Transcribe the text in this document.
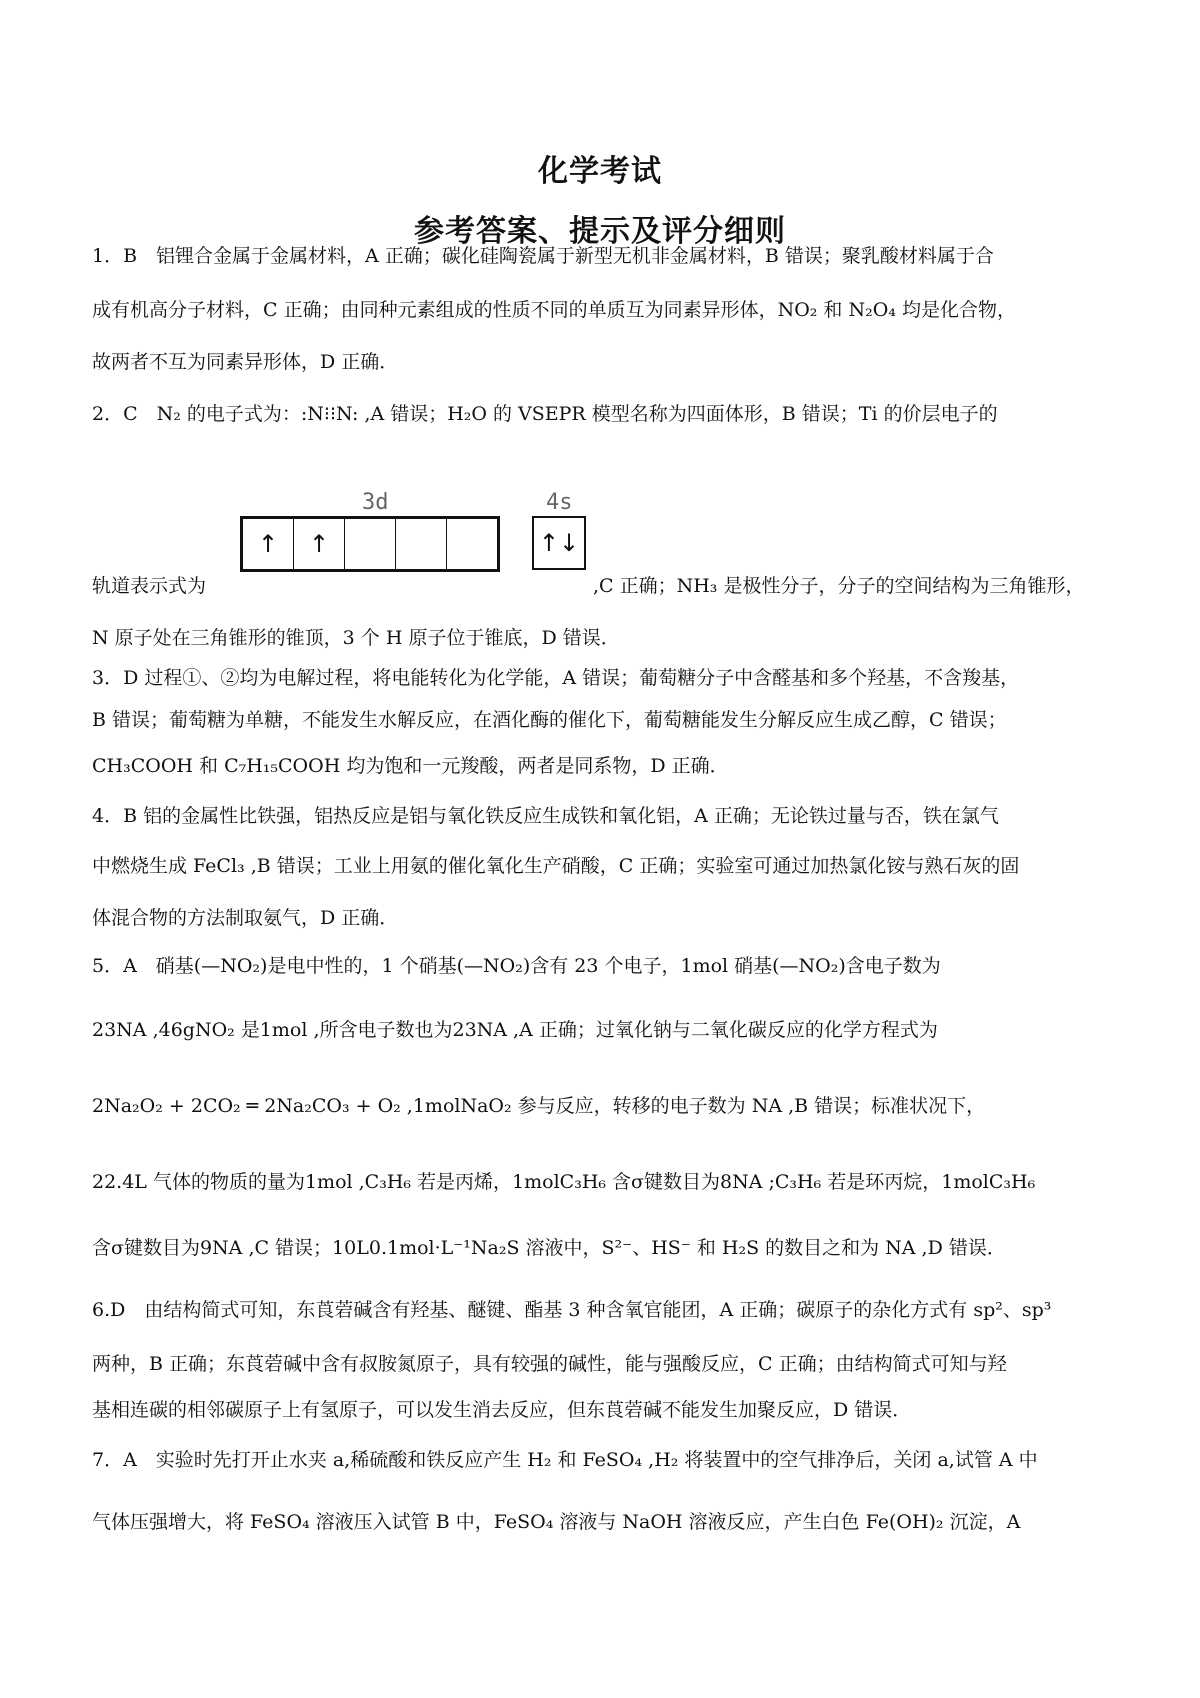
化学考试
参考答案、提示及评分细则
1．B　铝锂合金属于金属材料，A 正确；碳化硅陶瓷属于新型无机非金属材料，B 错误；聚乳酸材料属于合
成有机高分子材料，C 正确；由同种元素组成的性质不同的单质互为同素异形体，NO₂ 和 N₂O₄ 均是化合物，
故两者不互为同素异形体，D 正确．
2．C　N₂ 的电子式为：:N⁝⁝N: ,A 错误；H₂O 的 VSEPR 模型名称为四面体形，B 错误；Ti 的价层电子的
3d	4s
↑	↑	↑↓
轨道表示式为	,C 正确；NH₃ 是极性分子，分子的空间结构为三角锥形，
N 原子处在三角锥形的锥顶，3 个 H 原子位于锥底，D 错误．
3．D 过程①、②均为电解过程，将电能转化为化学能，A 错误；葡萄糖分子中含醛基和多个羟基，不含羧基，
B 错误；葡萄糖为单糖，不能发生水解反应，在酒化酶的催化下，葡萄糖能发生分解反应生成乙醇，C 错误；
CH₃COOH 和 C₇H₁₅COOH 均为饱和一元羧酸，两者是同系物，D 正确．
4．B 铝的金属性比铁强，铝热反应是铝与氧化铁反应生成铁和氧化铝，A 正确；无论铁过量与否，铁在氯气
中燃烧生成 FeCl₃ ,B 错误；工业上用氨的催化氧化生产硝酸，C 正确；实验室可通过加热氯化铵与熟石灰的固
体混合物的方法制取氨气，D 正确．
5．A　硝基(—NO₂)是电中性的，1 个硝基(—NO₂)含有 23 个电子，1mol 硝基(—NO₂)含电子数为
23NA ,46gNO₂ 是1mol ,所含电子数也为23NA ,A 正确；过氧化钠与二氧化碳反应的化学方程式为
2Na₂O₂ + 2CO₂ ═ 2Na₂CO₃ + O₂ ,1molNaO₂ 参与反应，转移的电子数为 NA ,B 错误；标准状况下，
22.4L 气体的物质的量为1mol ,C₃H₆ 若是丙烯，1molC₃H₆ 含σ键数目为8NA ;C₃H₆ 若是环丙烷，1molC₃H₆
含σ键数目为9NA ,C 错误；10L0.1mol·L⁻¹Na₂S 溶液中，S²⁻、HS⁻ 和 H₂S 的数目之和为 NA ,D 错误．
6.D　由结构简式可知，东莨菪碱含有羟基、醚键、酯基 3 种含氧官能团，A 正确；碳原子的杂化方式有 sp²、sp³
两种，B 正确；东莨菪碱中含有叔胺氮原子，具有较强的碱性，能与强酸反应，C 正确；由结构简式可知与羟
基相连碳的相邻碳原子上有氢原子，可以发生消去反应，但东莨菪碱不能发生加聚反应，D 错误．
7．A　实验时先打开止水夹 a,稀硫酸和铁反应产生 H₂ 和 FeSO₄ ,H₂ 将装置中的空气排净后，关闭 a,试管 A 中
气体压强增大，将 FeSO₄ 溶液压入试管 B 中，FeSO₄ 溶液与 NaOH 溶液反应，产生白色 Fe(OH)₂ 沉淀，A
